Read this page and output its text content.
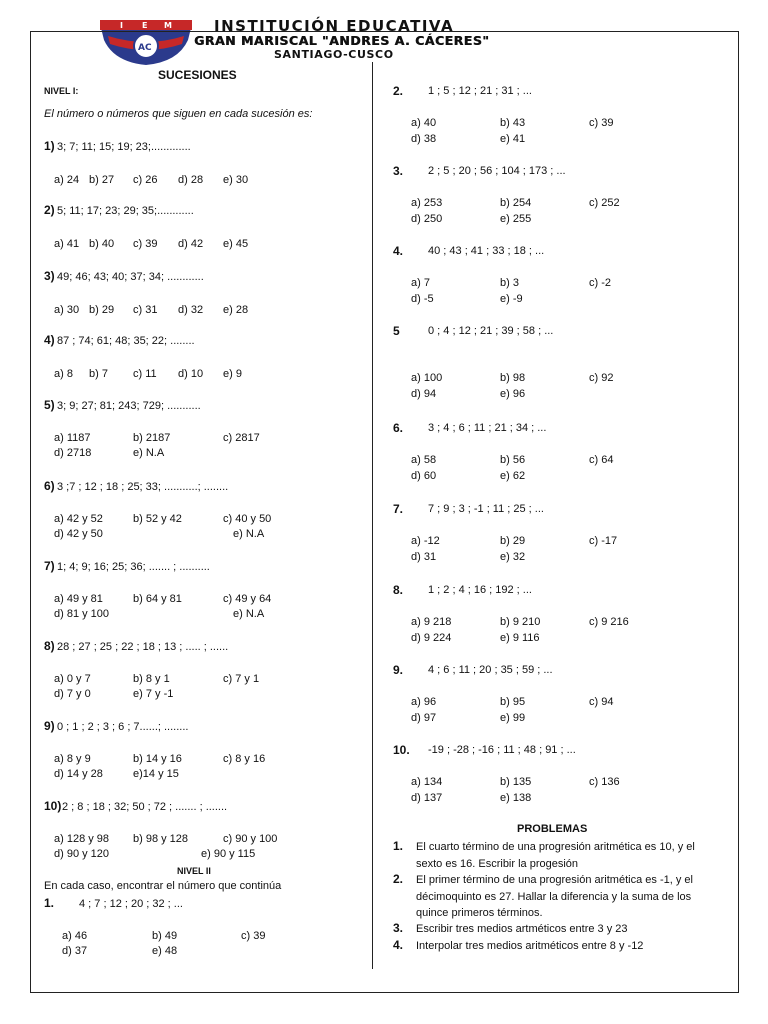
I E M
AC
INSTITUCIÓN EDUCATIVA
GRAN MARISCAL "ANDRES A. CÁCERES"
SANTIAGO-CUSCO
SUCESIONES
NIVEL I:
El número o números que siguen en cada sucesión es:
1) 3; 7; 11; 15; 19; 23;.............
a) 24 b) 27 c) 26 d) 28 e) 30
2) 5; 11; 17; 23; 29; 35;............
a) 41 b) 40 c) 39 d) 42 e) 45
3) 49; 46; 43; 40; 37; 34; ............
a) 30 b) 29 c) 31 d) 32 e) 28
4) 87 ; 74; 61; 48; 35; 22; ........
a) 8 b) 7 c) 11 d) 10 e) 9
5) 3; 9; 27; 81; 243; 729; ...........
a) 1187	b) 2187	c) 2817
d) 2718	e) N.A
6) 3 ;7 ; 12 ; 18 ; 25; 33; ...........; ........
a) 42 y 52	b) 52 y 42	c) 40 y 50
d) 42 y 50	e) N.A
7) 1; 4; 9; 16; 25; 36; ....... ; ..........
a) 49 y 81	b) 64 y 81	c) 49 y 64
d) 81 y 100	e) N.A
8) 28 ; 27 ; 25 ; 22 ; 18 ; 13 ; ..... ; ......
a) 0 y 7	b) 8 y 1	c) 7 y 1
d) 7 y 0	e) 7 y -1
9) 0 ; 1 ; 2 ; 3 ; 6 ; 7......; ........
a) 8 y 9	b) 14 y 16	c) 8 y 16
d) 14 y 28	e)14 y 15
10) 2 ; 8 ; 18 ; 32; 50 ; 72 ; ....... ; .......
a) 128 y 98 b) 98 y 128	c) 90 y 100
d) 90 y 120	e) 90 y 115
NIVEL II
En cada caso, encontrar el número que continúa
1. 4 ; 7 ; 12 ; 20 ; 32 ; ...
a) 46	b) 49	c) 39
d) 37	e) 48
2. 1 ; 5 ; 12 ; 21 ; 31 ; ...
a) 40	b) 43	c) 39
d) 38	e) 41
3. 2 ; 5 ; 20 ; 56 ; 104 ; 173 ; ...
a) 253	b) 254	c) 252
d) 250	e) 255
4. 40 ; 43 ; 41 ; 33 ; 18 ; ...
a) 7	b) 3	c) -2
d) -5	e) -9
5	0 ; 4 ; 12 ; 21 ; 39 ; 58 ; ...
a) 100	b) 98	c) 92
d) 94	e) 96
6. 3 ; 4 ; 6 ; 11 ; 21 ; 34 ; ...
a) 58	b) 56	c) 64
d) 60	e) 62
7. 7 ; 9 ; 3 ; -1 ; 11 ; 25 ; ...
a) -12	b) 29	c) -17
d) 31	e) 32
8. 1 ; 2 ; 4 ; 16 ; 192 ; ...
a) 9 218	b) 9 210	c) 9 216
d) 9 224	e) 9 116
9. 4 ; 6 ; 11 ; 20 ; 35 ; 59 ; ...
a) 96	b) 95	c) 94
d) 97	e) 99
10. -19 ; -28 ; -16 ; 11 ; 48 ; 91 ; ...
a) 134	b) 135	c) 136
d) 137	e) 138
PROBLEMAS
1. El cuarto término de una progresión aritmética es 10, y el sexto es 16. Escribir la progesión
2. El primer término de una progresión aritmética es -1, y el décimoquinto es 27. Hallar la diferencia y la suma de los quince primeros términos.
3. Escribir tres medios artméticos entre 3 y 23
4. Interpolar tres medios aritméticos entre 8 y -12
